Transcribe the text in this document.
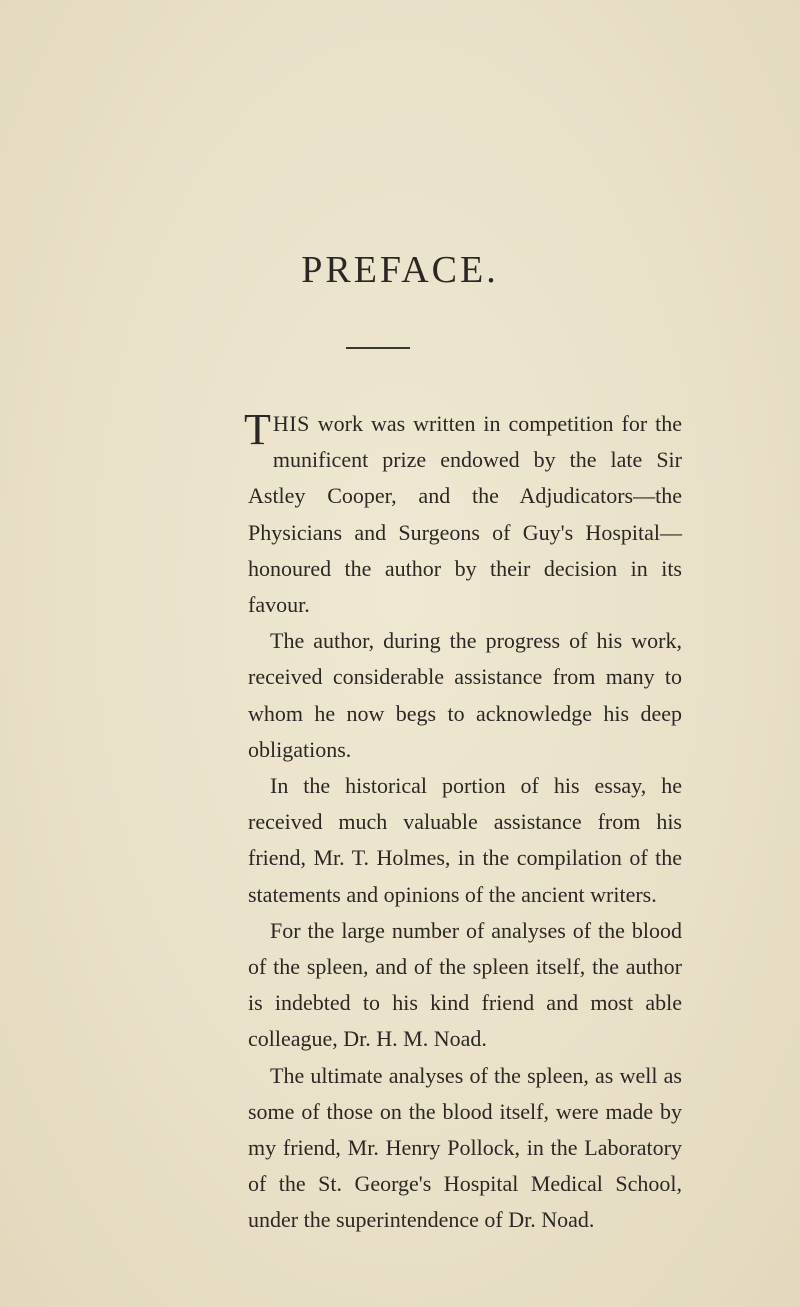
PREFACE.

THIS work was written in competition for the munificent prize endowed by the late Sir Astley Cooper, and the Adjudicators—the Physicians and Surgeons of Guy's Hospital—honoured the author by their decision in its favour.

The author, during the progress of his work, received considerable assistance from many to whom he now begs to acknowledge his deep obligations.

In the historical portion of his essay, he received much valuable assistance from his friend, Mr. T. Holmes, in the compilation of the statements and opinions of the ancient writers.

For the large number of analyses of the blood of the spleen, and of the spleen itself, the author is indebted to his kind friend and most able colleague, Dr. H. M. Noad.

The ultimate analyses of the spleen, as well as some of those on the blood itself, were made by my friend, Mr. Henry Pollock, in the Laboratory of the St. George's Hospital Medical School, under the superintendence of Dr. Noad.
